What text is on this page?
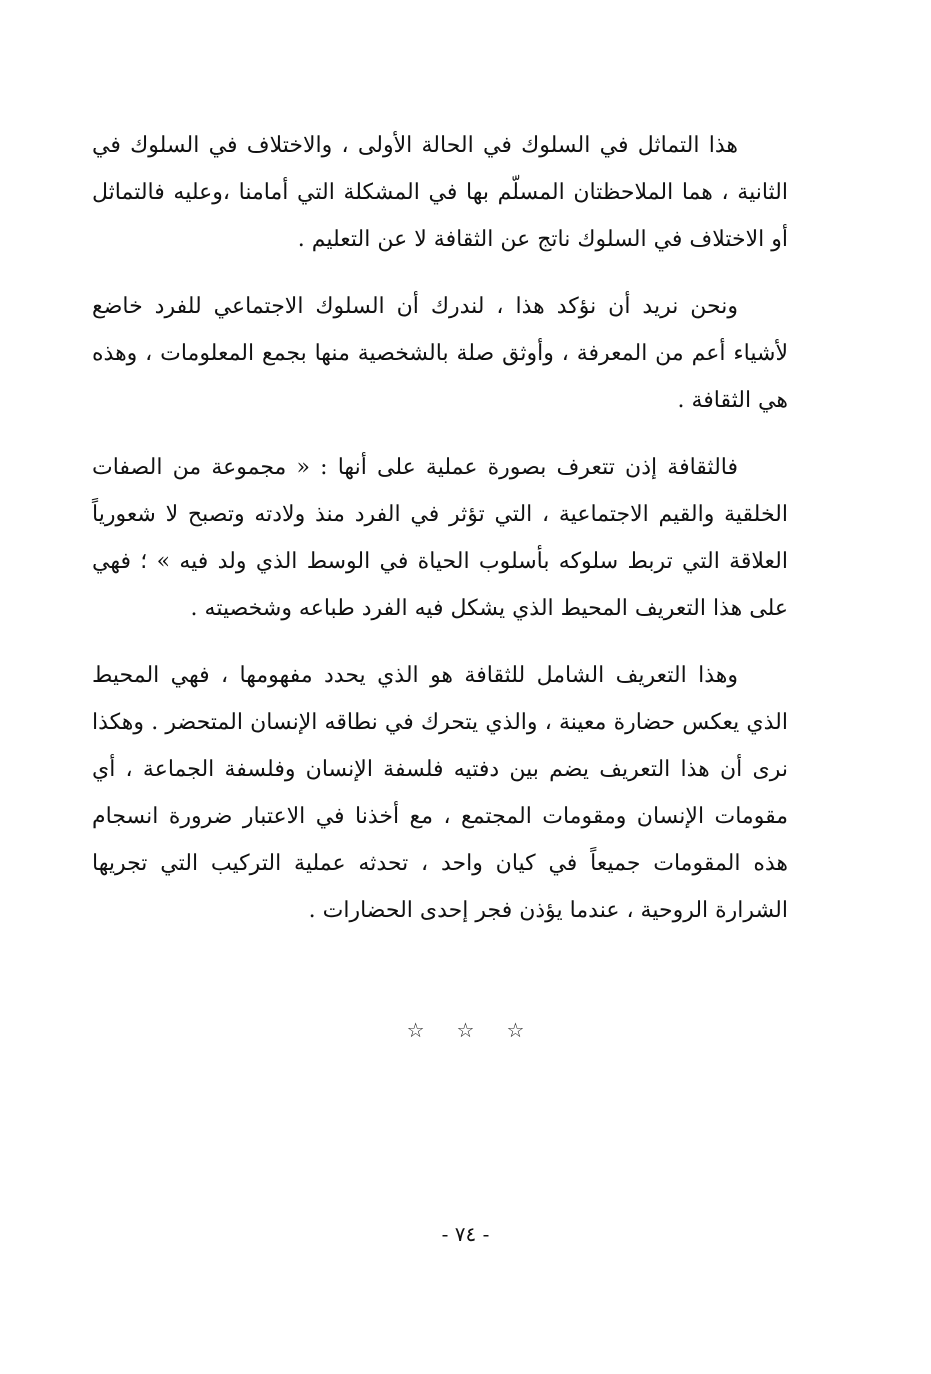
هذا التماثل في السلوك في الحالة الأولى ، والاختلاف في السلوك في الثانية ، هما الملاحظتان المسلّم بها في المشكلة التي أمامنا ،وعليه فالتماثل أو الاختلاف في السلوك ناتج عن الثقافة لا عن التعليم .

ونحن نريد أن نؤكد هذا ، لندرك أن السلوك الاجتماعي للفرد خاضع لأشياء أعم من المعرفة ، وأوثق صلة بالشخصية منها بجمع المعلومات ، وهذه هي الثقافة .

فالثقافة إذن تتعرف بصورة عملية على أنها : « مجموعة من الصفات الخلقية والقيم الاجتماعية ، التي تؤثر في الفرد منذ ولادته وتصبح لا شعورياً العلاقة التي تربط سلوكه بأسلوب الحياة في الوسط الذي ولد فيه » ؛ فهي على هذا التعريف المحيط الذي يشكل فيه الفرد طباعه وشخصيته .

وهذا التعريف الشامل للثقافة هو الذي يحدد مفهومها ، فهي المحيط الذي يعكس حضارة معينة ، والذي يتحرك في نطاقه الإنسان المتحضر . وهكذا نرى أن هذا التعريف يضم بين دفتيه فلسفة الإنسان وفلسفة الجماعة ، أي مقومات الإنسان ومقومات المجتمع ، مع أخذنا في الاعتبار ضرورة انسجام هذه المقومات جميعاً في كيان واحد ، تحدثه عملية التركيب التي تجريها الشرارة الروحية ، عندما يؤذن فجر إحدى الحضارات .

☆☆☆
- ٧٤ -
